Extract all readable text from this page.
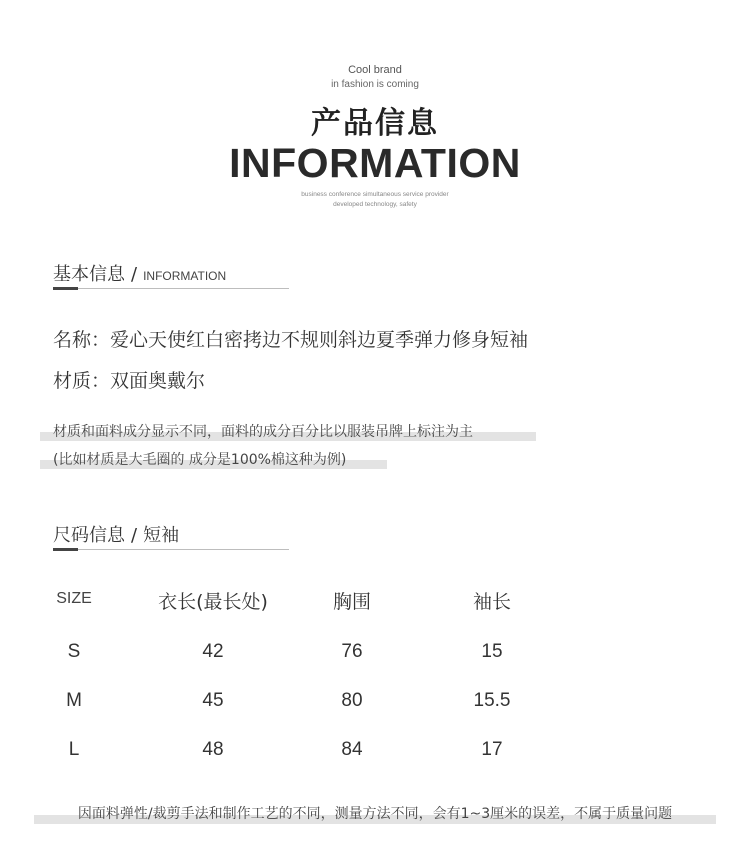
Cool brand
in fashion is coming
产品信息
INFORMATION
business conference simultaneous service provider
developed technology, safety
基本信息 / INFORMATION
名称：爱心天使红白密拷边不规则斜边夏季弹力修身短袖
材质：双面奥戴尔
材质和面料成分显示不同，面料的成分百分比以服装吊牌上标注为主
(比如材质是大毛圈的 成分是100%棉这种为例)
尺码信息 / 短袖
SIZE	衣长(最长处)	胸围	袖长
S	42	76	15
M	45	80	15.5
L	48	84	17
因面料弹性/裁剪手法和制作工艺的不同，测量方法不同，会有1~3厘米的误差，不属于质量问题
